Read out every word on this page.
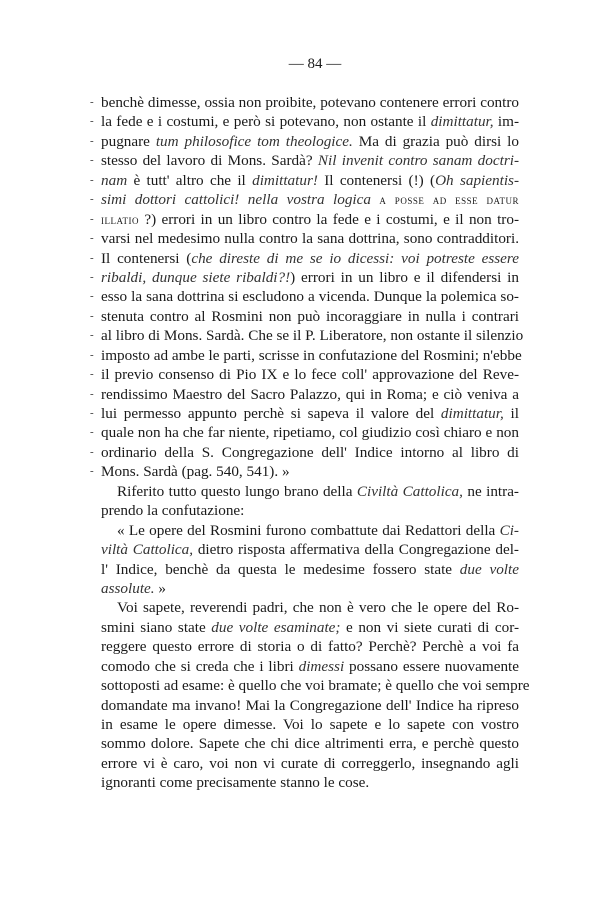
— 84 —
- benchè dimesse, ossia non proibite, potevano contenere errori contro
- la fede e i costumi, e però si potevano, non ostante il dimittatur, im-
- pugnare tum philosofice tom theologice. Ma di grazia può dirsi lo
- stesso del lavoro di Mons. Sardà? Nil invenit contro sanam doctri-
- nam è tutt' altro che il dimittatur! Il contenersi (!) (Oh sapientis-
- simi dottori cattolici! nella vostra logica a posse ad esse datur
- illatio ?) errori in un libro contro la fede e i costumi, e il non tro-
- varsi nel medesimo nulla contro la sana dottrina, sono contradditori.
- Il contenersi (che direste di me se io dicessi: voi potreste essere
- ribaldi, dunque siete ribaldi?!) errori in un libro e il difendersi in
- esso la sana dottrina si escludono a vicenda. Dunque la polemica so-
- stenuta contro al Rosmini non può incoraggiare in nulla i contrari
- al libro di Mons. Sardà. Che se il P. Liberatore, non ostante il silenzio
- imposto ad ambe le parti, scrisse in confutazione del Rosmini; n'ebbe
- il previo consenso di Pio IX e lo fece coll' approvazione del Reve-
- rendissimo Maestro del Sacro Palazzo, qui in Roma; e ciò veniva a
- lui permesso appunto perchè si sapeva il valore del dimittatur, il
- quale non ha che far niente, ripetiamo, col giudizio così chiaro e non
- ordinario della S. Congregazione dell' Indice intorno al libro di
- Mons. Sardà (pag. 540, 541). »
Riferito tutto questo lungo brano della Civiltà Cattolica, ne intra-
prendo la confutazione:
« Le opere del Rosmini furono combattute dai Redattori della Ci-
viltà Cattolica, dietro risposta affermativa della Congregazione del-
l' Indice, benchè da questa le medesime fossero state due volte
assolute. »
Voi sapete, reverendi padri, che non è vero che le opere del Ro-
smini siano state due volte esaminate; e non vi siete curati di cor-
reggere questo errore di storia o di fatto? Perchè? Perchè a voi fa
comodo che si creda che i libri dimessi possano essere nuovamente
sottoposti ad esame: è quello che voi bramate; è quello che voi sempre
domandate ma invano! Mai la Congregazione dell' Indice ha ripreso
in esame le opere dimesse. Voi lo sapete e lo sapete con vostro
sommo dolore. Sapete che chi dice altrimenti erra, e perchè questo
errore vi è caro, voi non vi curate di correggerlo, insegnando agli
ignoranti come precisamente stanno le cose.
